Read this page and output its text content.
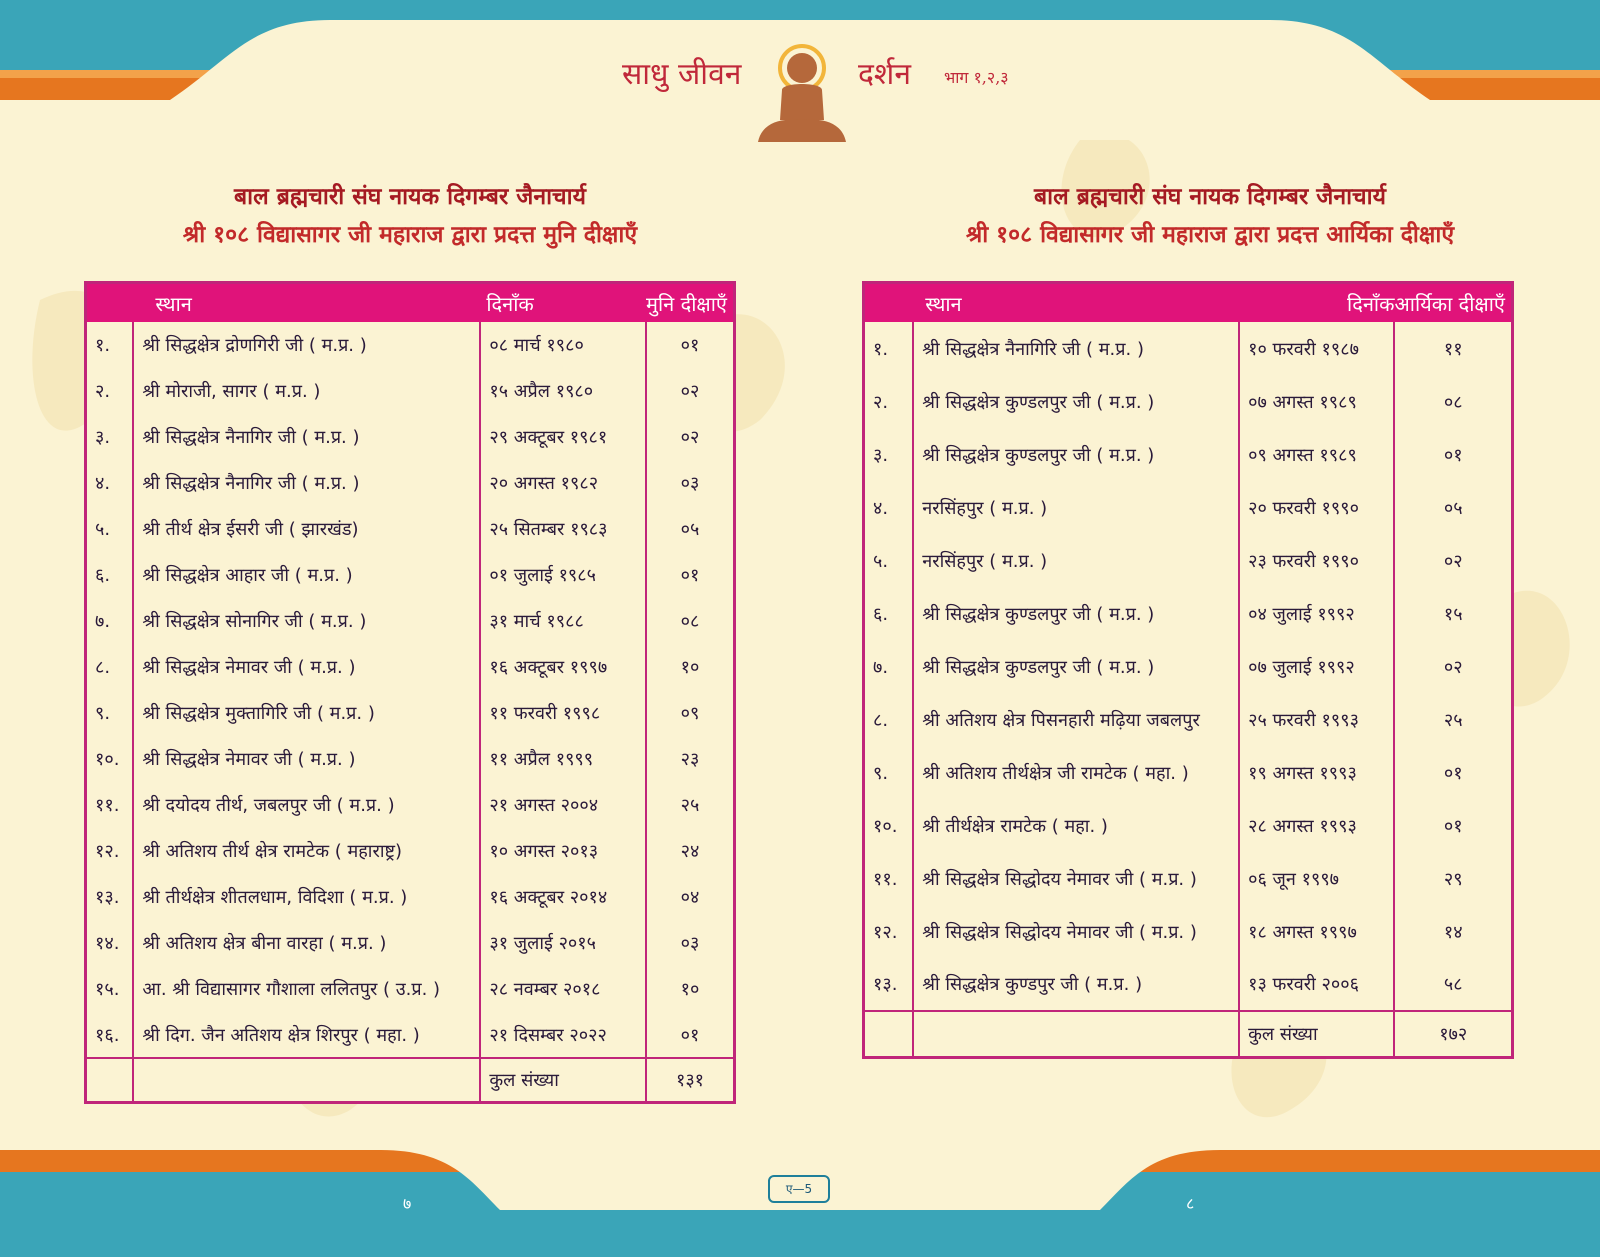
साधु जीवन	दर्शन भाग १,२,३
बाल ब्रह्मचारी संघ नायक दिगम्बर जैनाचार्य
श्री १०८ विद्यासागर जी महाराज द्वारा प्रदत्त मुनि दीक्षाएँ
बाल ब्रह्मचारी संघ नायक दिगम्बर जैनाचार्य
श्री १०८ विद्यासागर जी महाराज द्वारा प्रदत्त आर्यिका दीक्षाएँ
	स्थान	दिनाँक	मुनि दीक्षाएँ
१.	श्री सिद्धक्षेत्र द्रोणगिरी जी ( म.प्र. )	०८ मार्च १९८०	०१
२.	श्री मोराजी, सागर ( म.प्र. )	१५ अप्रैल १९८०	०२
३.	श्री सिद्धक्षेत्र नैनागिर जी ( म.प्र. )	२९ अक्टूबर १९८१	०२
४.	श्री सिद्धक्षेत्र नैनागिर जी ( म.प्र. )	२० अगस्त १९८२	०३
५.	श्री तीर्थ क्षेत्र ईसरी जी ( झारखंड)	२५ सितम्बर १९८३	०५
६.	श्री सिद्धक्षेत्र आहार जी ( म.प्र. )	०१ जुलाई १९८५	०१
७.	श्री सिद्धक्षेत्र सोनागिर जी ( म.प्र. )	३१ मार्च १९८८	०८
८.	श्री सिद्धक्षेत्र नेमावर जी ( म.प्र. )	१६ अक्टूबर १९९७	१०
९.	श्री सिद्धक्षेत्र मुक्तागिरि जी ( म.प्र. )	११ फरवरी १९९८	०९
१०.	श्री सिद्धक्षेत्र नेमावर जी ( म.प्र. )	११ अप्रैल १९९९	२३
११.	श्री दयोदय तीर्थ, जबलपुर जी ( म.प्र. )	२१ अगस्त २००४	२५
१२.	श्री अतिशय तीर्थ क्षेत्र रामटेक ( महाराष्ट्र)	१० अगस्त २०१३	२४
१३.	श्री तीर्थक्षेत्र शीतलधाम, विदिशा ( म.प्र. )	१६ अक्टूबर २०१४	०४
१४.	श्री अतिशय क्षेत्र बीना वारहा ( म.प्र. )	३१ जुलाई २०१५	०३
१५.	आ. श्री विद्यासागर गौशाला ललितपुर ( उ.प्र. )	२८ नवम्बर २०१८	१०
१६.	श्री दिग. जैन अतिशय क्षेत्र शिरपुर ( महा. )	२१ दिसम्बर २०२२	०१
		कुल संख्या	१३१
	स्थान	दिनाँक	आर्यिका दीक्षाएँ
१.	श्री सिद्धक्षेत्र नैनागिरि जी ( म.प्र. )	१० फरवरी १९८७	११
२.	श्री सिद्धक्षेत्र कुण्डलपुर जी ( म.प्र. )	०७ अगस्त १९८९	०८
३.	श्री सिद्धक्षेत्र कुण्डलपुर जी ( म.प्र. )	०९ अगस्त १९८९	०१
४.	नरसिंहपुर ( म.प्र. )	२० फरवरी १९९०	०५
५.	नरसिंहपुर ( म.प्र. )	२३ फरवरी १९९०	०२
६.	श्री सिद्धक्षेत्र कुण्डलपुर जी ( म.प्र. )	०४ जुलाई १९९२	१५
७.	श्री सिद्धक्षेत्र कुण्डलपुर जी ( म.प्र. )	०७ जुलाई १९९२	०२
८.	श्री अतिशय क्षेत्र पिसनहारी मढ़िया जबलपुर	२५ फरवरी १९९३	२५
९.	श्री अतिशय तीर्थक्षेत्र जी रामटेक ( महा. )	१९ अगस्त १९९३	०१
१०.	श्री तीर्थक्षेत्र रामटेक ( महा. )	२८ अगस्त १९९३	०१
११.	श्री सिद्धक्षेत्र सिद्धोदय नेमावर जी ( म.प्र. )	०६ जून १९९७	२९
१२.	श्री सिद्धक्षेत्र सिद्धोदय नेमावर जी ( म.प्र. )	१८ अगस्त १९९७	१४
१३.	श्री सिद्धक्षेत्र कुण्डपुर जी ( म.प्र. )	१३ फरवरी २००६	५८
		कुल संख्या	१७२
७
ए—5
८
